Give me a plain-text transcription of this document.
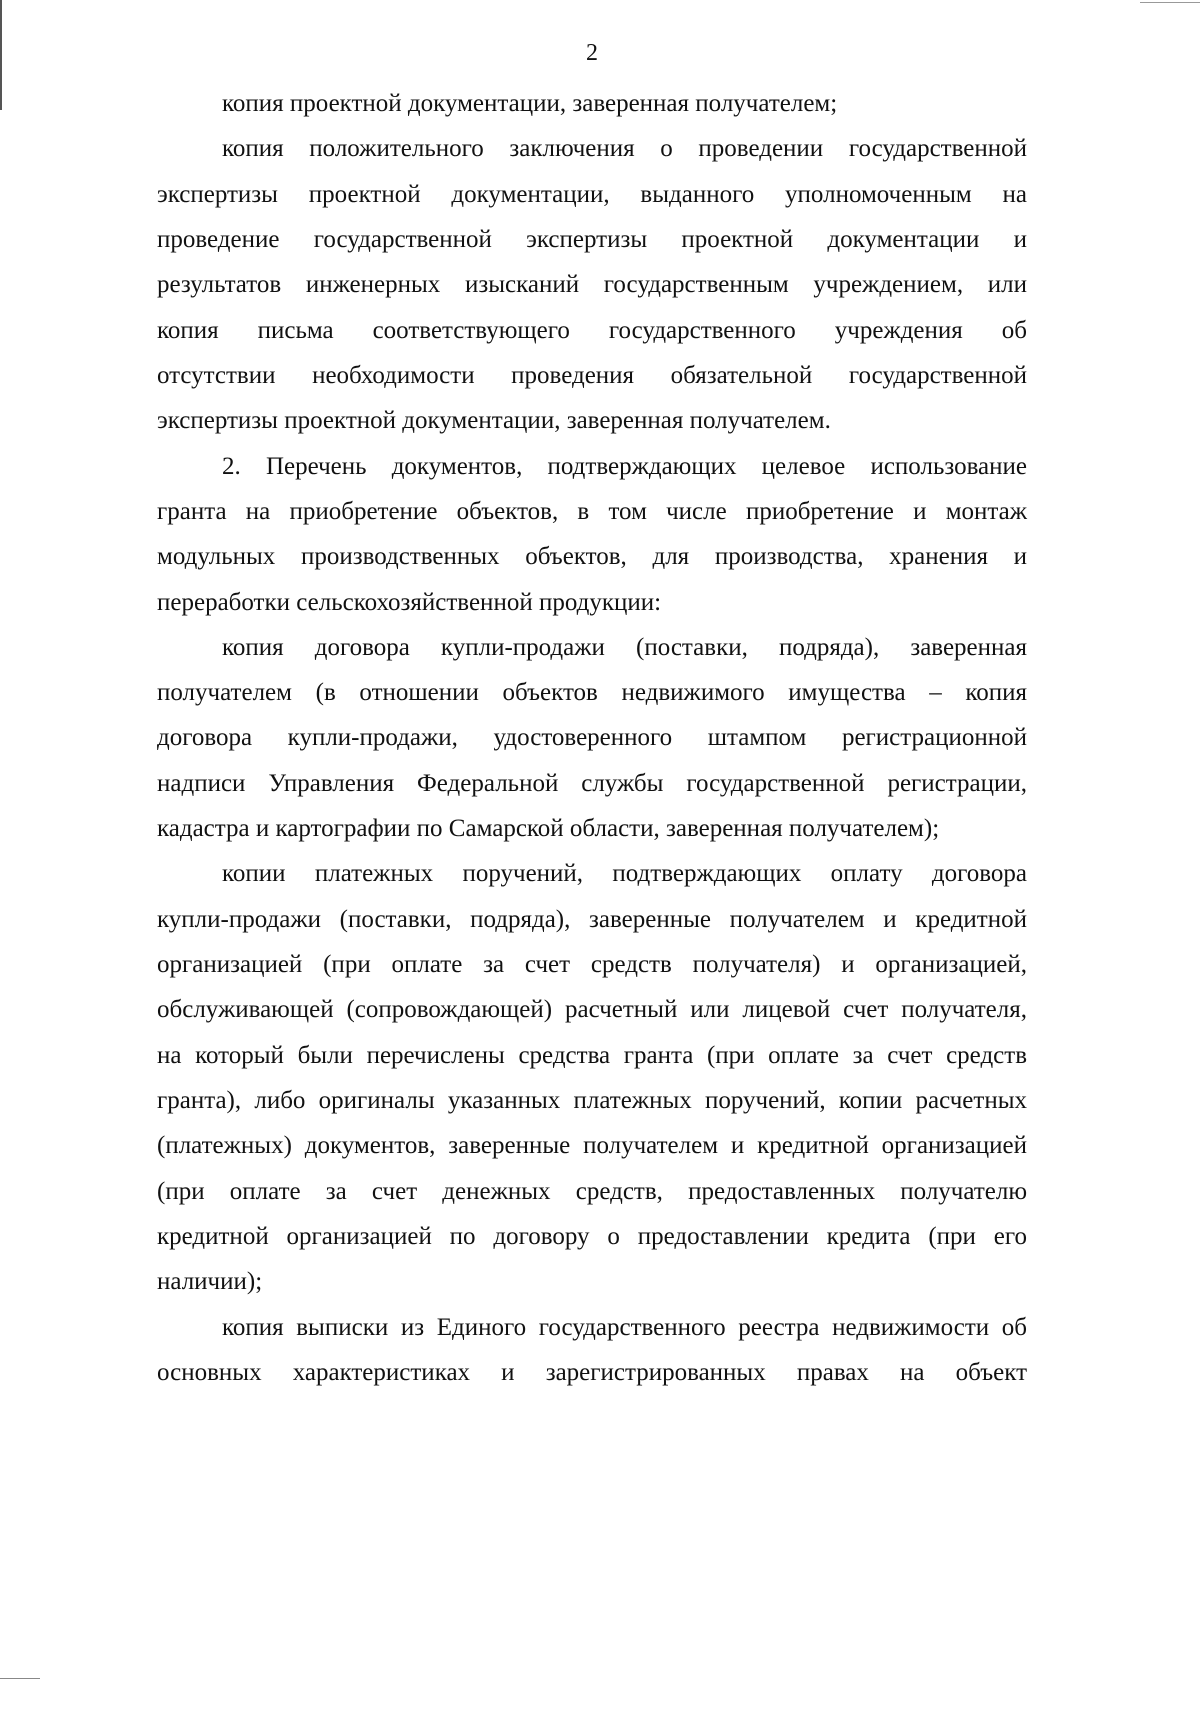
2
копия проектной документации, заверенная получателем;
копия положительного заключения о проведении государственной
экспертизы проектной документации, выданного уполномоченным на
проведение государственной экспертизы проектной документации и
результатов инженерных изысканий государственным учреждением, или
копия письма соответствующего государственного учреждения об
отсутствии необходимости проведения обязательной государственной
экспертизы проектной документации, заверенная получателем.
2. Перечень документов, подтверждающих целевое использование
гранта на приобретение объектов, в том числе приобретение и монтаж
модульных производственных объектов, для производства, хранения и
переработки сельскохозяйственной продукции:
копия договора купли-продажи (поставки, подряда), заверенная
получателем (в отношении объектов недвижимого имущества – копия
договора купли-продажи, удостоверенного штампом регистрационной
надписи Управления Федеральной службы государственной регистрации,
кадастра и картографии по Самарской области, заверенная получателем);
копии платежных поручений, подтверждающих оплату договора
купли-продажи (поставки, подряда), заверенные получателем и кредитной
организацией (при оплате за счет средств получателя) и организацией,
обслуживающей (сопровождающей) расчетный или лицевой счет получателя,
на который были перечислены средства гранта (при оплате за счет средств
гранта), либо оригиналы указанных платежных поручений, копии расчетных
(платежных) документов, заверенные получателем и кредитной организацией
(при оплате за счет денежных средств, предоставленных получателю
кредитной организацией по договору о предоставлении кредита (при его
наличии);
копия выписки из Единого государственного реестра недвижимости об
основных характеристиках и зарегистрированных правах на объект
